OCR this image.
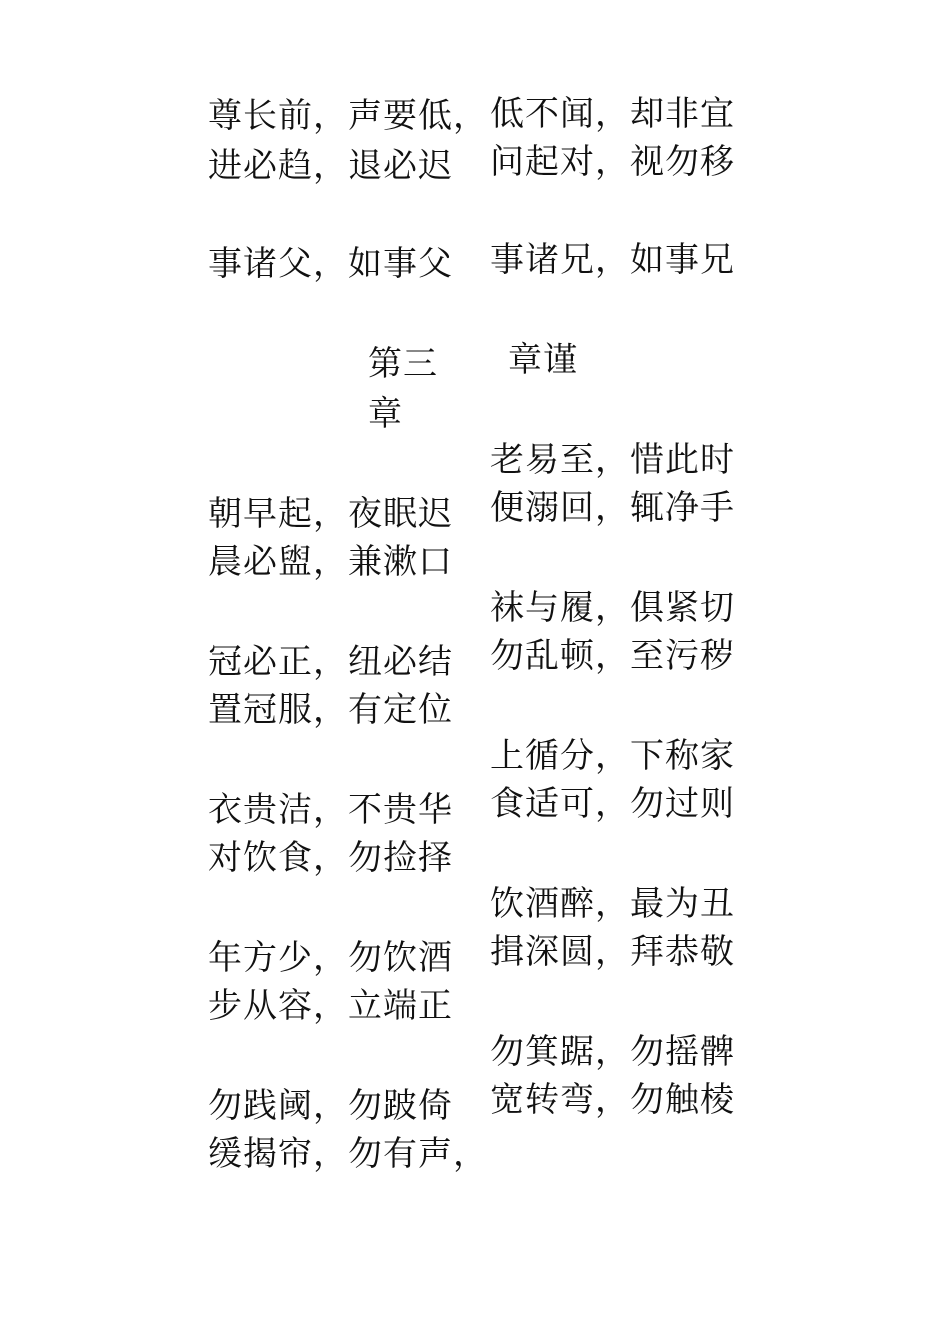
尊长前，声要低， 低不闻，却非宜
进必趋，退必迟 问起对，视勿移
事诸父，如事父 事诸兄，如事兄
第三 章谨
章
老易至，惜此时
朝早起，夜眠迟 便溺回，辄净手
晨必盥，兼漱口
袜与履，俱紧切
冠必正，纽必结 勿乱顿，至污秽
置冠服，有定位
上循分，下称家
衣贵洁，不贵华 食适可，勿过则
对饮食，勿捡择
饮酒醉，最为丑
年方少，勿饮酒 揖深圆，拜恭敬
步从容，立端正
勿箕踞，勿摇髀
勿践阈，勿跛倚 宽转弯，勿触棱
缓揭帘，勿有声，
